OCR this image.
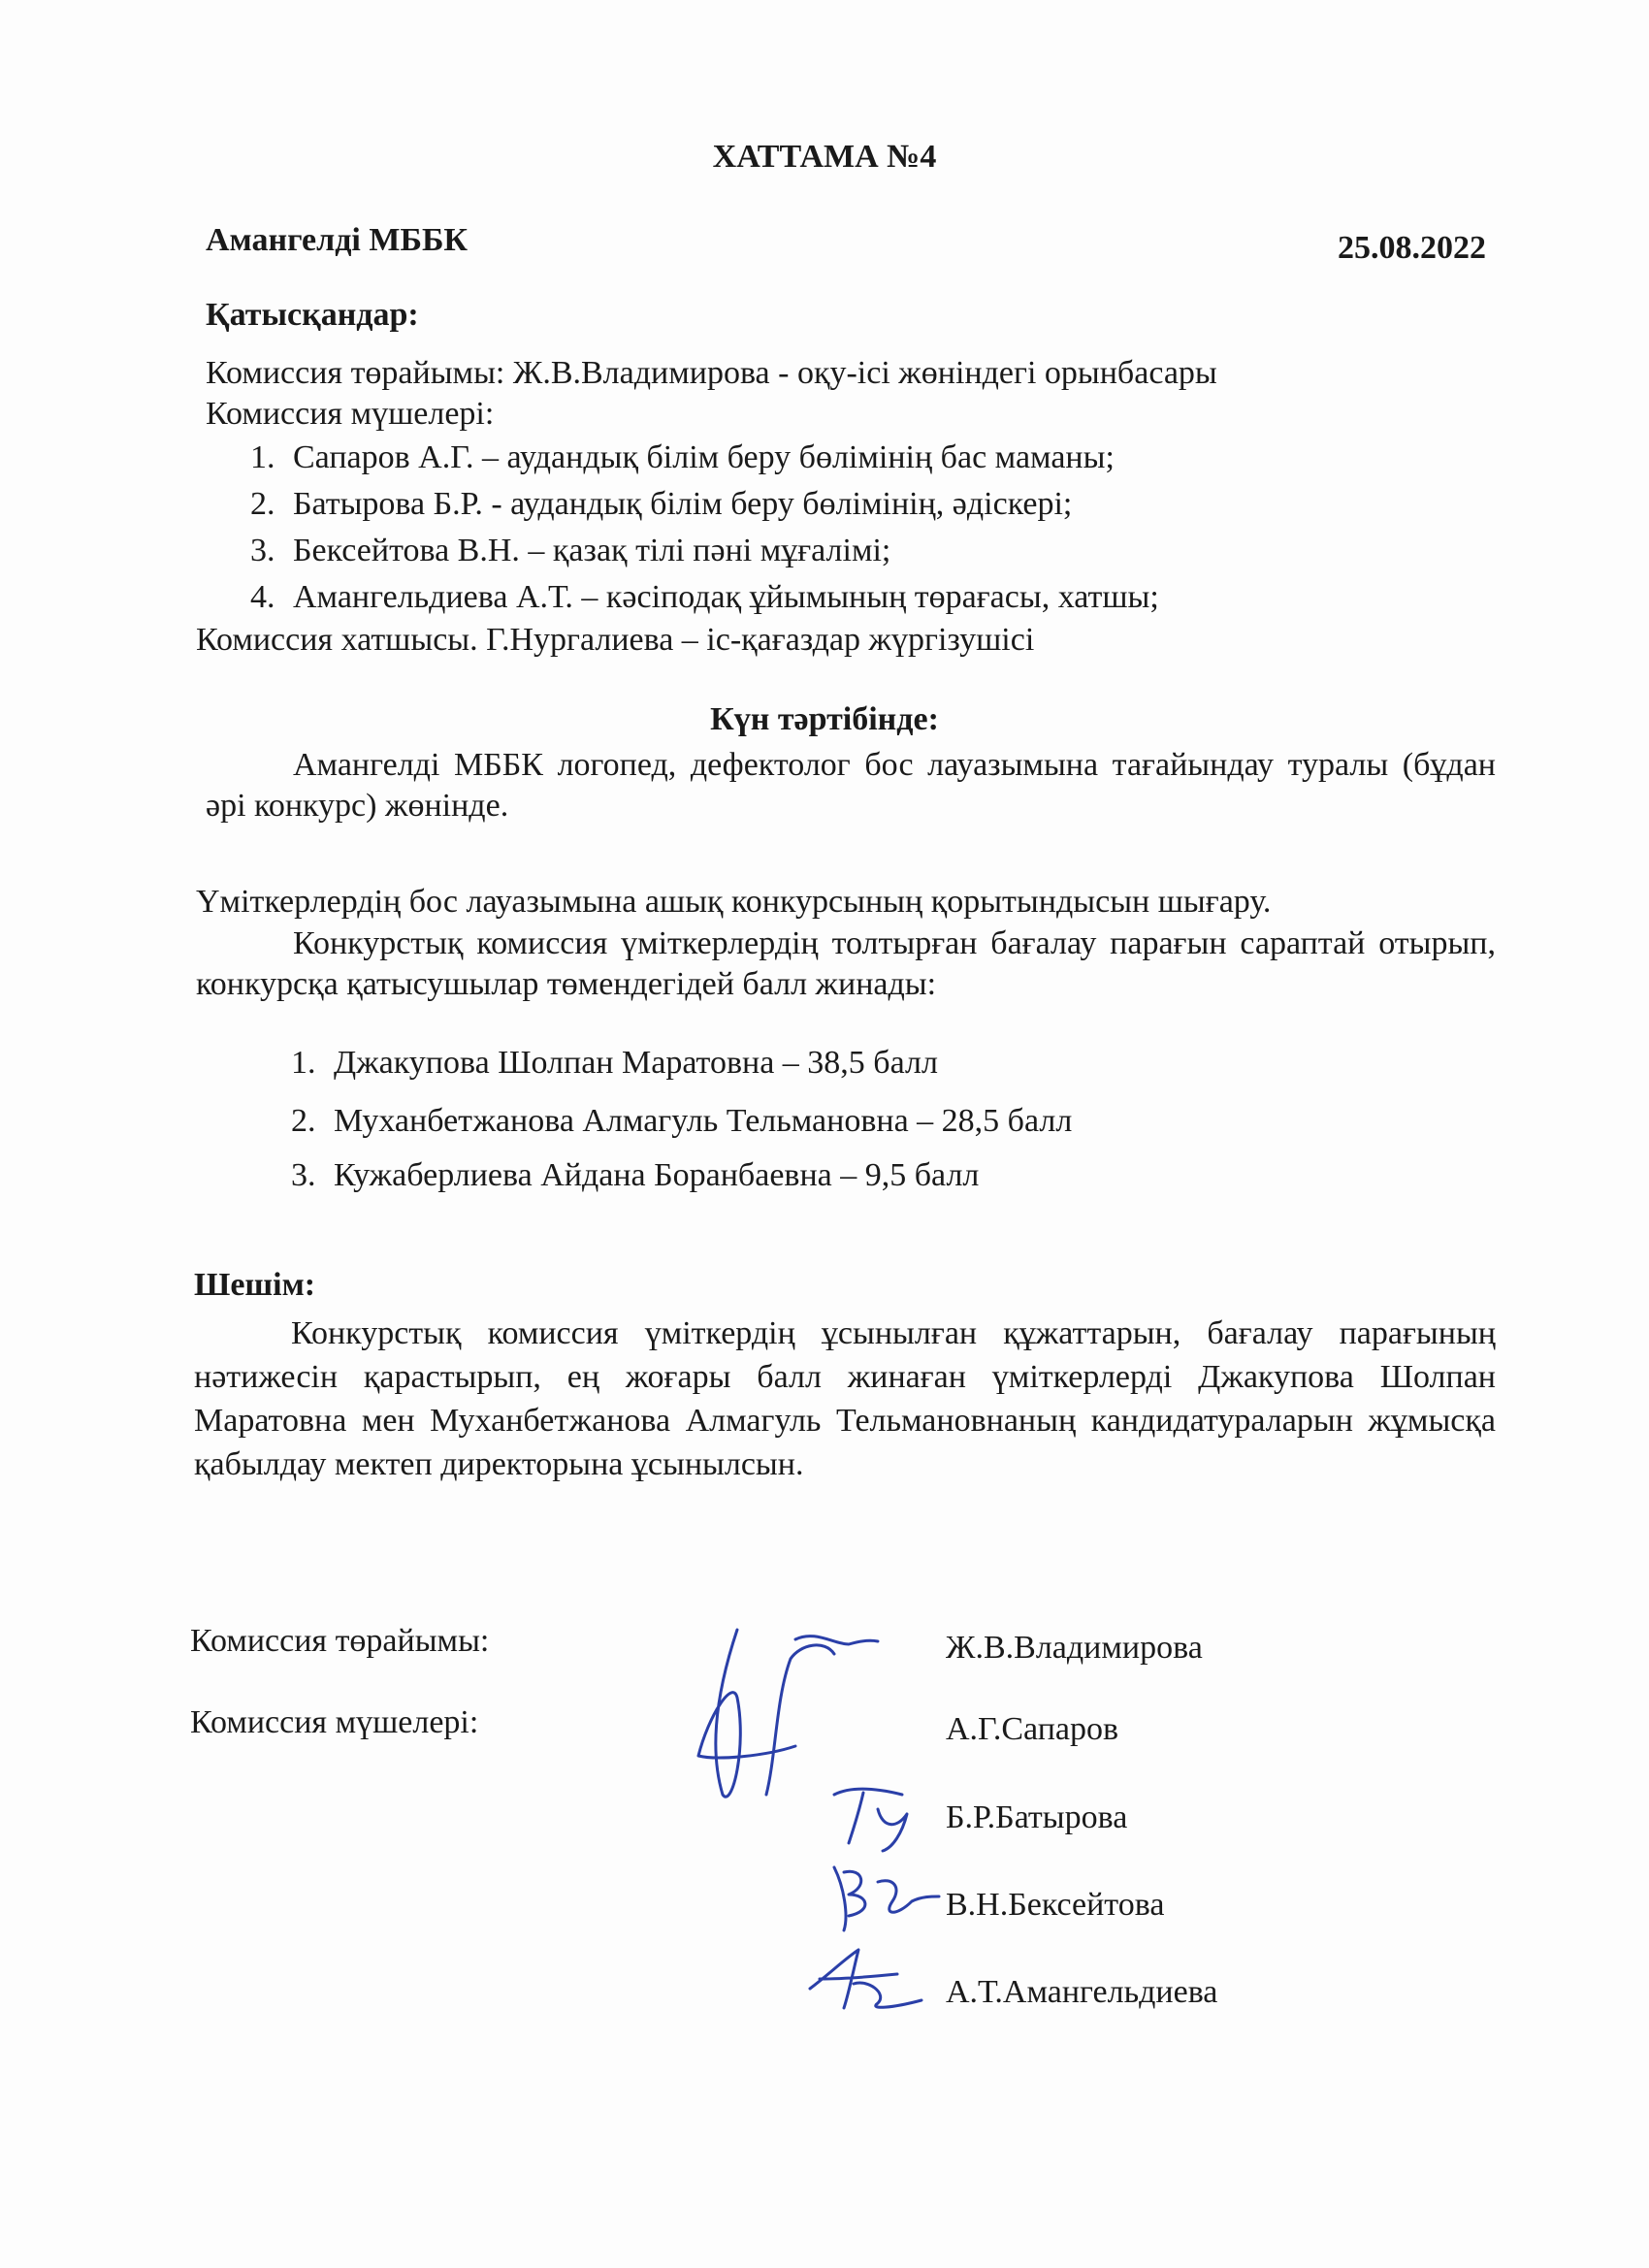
ХАТТАМА №4
Амангелді МББК	25.08.2022
Қатысқандар:
Комиссия төрайымы: Ж.В.Владимирова - оқу-ісі жөніндегі орынбасары
Комиссия мүшелері:
1. Сапаров А.Г. – аудандық білім беру бөлімінің бас маманы;
2. Батырова Б.Р. - аудандық білім беру бөлімінің, әдіскері;
3. Бексейтова В.Н. – қазақ тілі пәні мұғалімі;
4. Амангельдиева А.Т. – кәсіподақ ұйымының төрағасы, хатшы;
Комиссия хатшысы. Г.Нургалиева – іс-қағаздар жүргізушісі
Күн тәртібінде:
Амангелді МББК логопед, дефектолог бос лауазымына тағайындау туралы (бұдан әрі конкурс) жөнінде.
Үміткерлердің бос лауазымына ашық конкурсының қорытындысын шығару.
Конкурстық комиссия үміткерлердің толтырған бағалау парағын сараптай отырып, конкурсқа қатысушылар төмендегідей балл жинады:
1. Джакупова Шолпан Маратовна – 38,5 балл
2. Муханбетжанова Алмагуль Тельмановна – 28,5 балл
3. Кужаберлиева Айдана Боранбаевна – 9,5 балл
Шешім:
Конкурстық комиссия үміткердің ұсынылған құжаттарын, бағалау парағының нәтижесін қарастырып, ең жоғары балл жинаған үміткерлерді Джакупова Шолпан Маратовна мен Муханбетжанова Алмагуль Тельмановнаның кандидатураларын жұмысқа қабылдау мектеп директорына ұсынылсын.
Комиссия төрайымы:
Комиссия мүшелері:
Ж.В.Владимирова
А.Г.Сапаров
Б.Р.Батырова
В.Н.Бексейтова
А.Т.Амангельдиева
